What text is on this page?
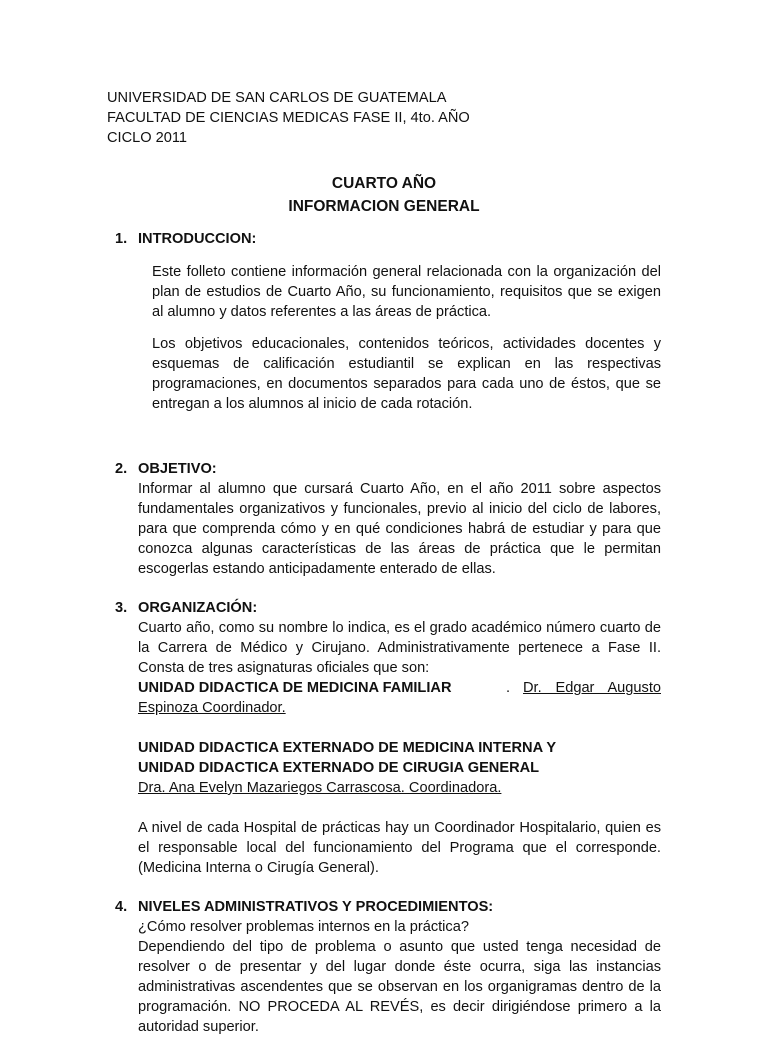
UNIVERSIDAD DE SAN CARLOS DE GUATEMALA
FACULTAD DE CIENCIAS MEDICAS FASE II, 4to. AÑO
CICLO 2011
CUARTO AÑO
INFORMACION GENERAL
1. INTRODUCCION:
Este folleto contiene información general relacionada con la organización del plan de estudios de Cuarto Año, su funcionamiento, requisitos que se exigen al alumno y datos referentes a las áreas de práctica.
Los objetivos educacionales, contenidos teóricos, actividades docentes y esquemas de calificación estudiantil se explican en las respectivas programaciones, en documentos separados para cada uno de éstos, que se entregan a los alumnos al inicio de cada rotación.
2. OBJETIVO:
Informar al alumno que cursará Cuarto Año, en el año 2011 sobre aspectos fundamentales organizativos y funcionales, previo al inicio del ciclo de labores, para que comprenda cómo y en qué condiciones habrá de estudiar y para que conozca algunas características de las áreas de práctica que le permitan escogerlas estando anticipadamente enterado de ellas.
3. ORGANIZACIÓN:
Cuarto año, como su nombre lo indica, es el grado académico número cuarto de la Carrera de Médico y Cirujano. Administrativamente pertenece a Fase II. Consta de tres asignaturas oficiales que son:
UNIDAD DIDACTICA DE MEDICINA FAMILIAR	. Dr. Edgar Augusto
Espinoza Coordinador.
UNIDAD DIDACTICA EXTERNADO DE MEDICINA INTERNA Y
UNIDAD DIDACTICA EXTERNADO DE CIRUGIA GENERAL
Dra. Ana Evelyn Mazariegos Carrascosa. Coordinadora.
A nivel de cada Hospital de prácticas hay un Coordinador Hospitalario, quien es el responsable local del funcionamiento del Programa que el corresponde. (Medicina Interna o Cirugía General).
4. NIVELES ADMINISTRATIVOS Y PROCEDIMIENTOS:
¿Cómo resolver problemas internos en la práctica?
Dependiendo del tipo de problema o asunto que usted tenga necesidad de resolver o de presentar y del lugar donde éste ocurra, siga las instancias administrativas ascendentes que se observan en los organigramas dentro de la programación. NO PROCEDA AL REVÉS, es decir dirigiéndose primero a la autoridad superior.
